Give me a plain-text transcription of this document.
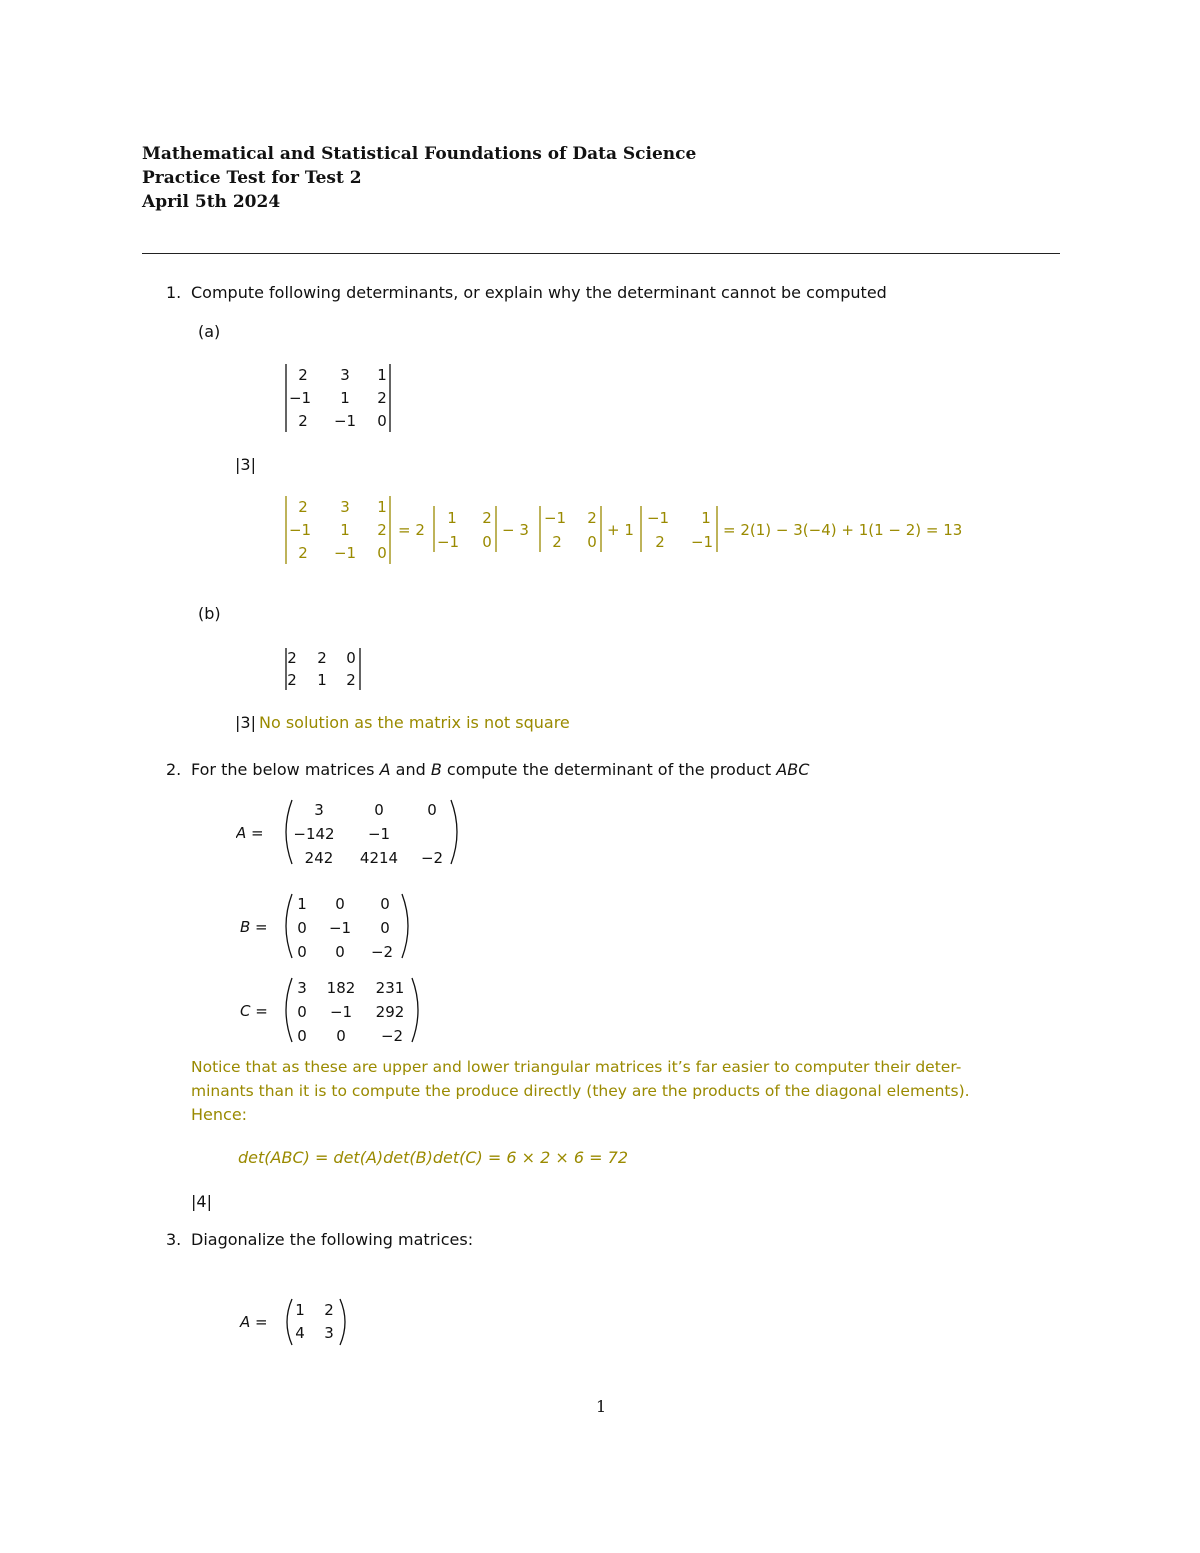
Mathematical and Statistical Foundations of Data Science
Practice Test for Test 2
April 5th 2024
1. Compute following determinants, or explain why the determinant cannot be computed
(a)
2 3 1
−1 1 2
2 −1 0
|3|
2 3 1
−1 1 2
2 −1 0
= 2
1 2
−1 0
− 3
−1 2
2 0
+ 1
−1 1
2 −1
= 2(1) − 3(−4) + 1(1 − 2) = 13
(b)
2 2 0
2 1 2
|3| No solution as the matrix is not square
2. For the below matrices A and B compute the determinant of the product ABC
A =
3	0	0
−142 −1
242 4214 −2
B =
1 0 0
0 −1 0
0 0 −2
C =
3 182 231
0 −1 292
0 0 −2
Notice that as these are upper and lower triangular matrices it’s far easier to computer their deter-
minants than it is to compute the produce directly (they are the products of the diagonal elements).
Hence:
det(ABC) = det(A)det(B)det(C) = 6 × 2 × 6 = 72
|4|
3. Diagonalize the following matrices:
A =
1 2
4 3
1
